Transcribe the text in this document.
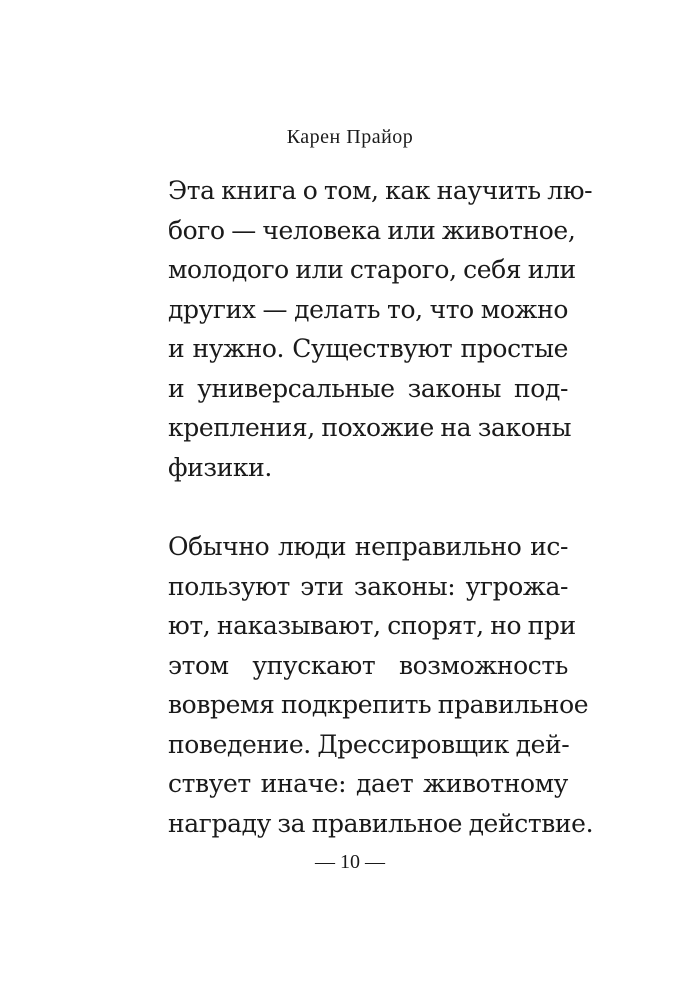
Карен Прайор

Эта книга о том, как научить лю-
бого — человека или животное,
молодого или старого, себя или
других — делать то, что можно
и нужно. Существуют простые
и универсальные законы под-
крепления, похожие на законы
физики.

Обычно люди неправильно ис-
пользуют эти законы: угрожа-
ют, наказывают, спорят, но при
этом упускают возможность
вовремя подкрепить правильное
поведение. Дрессировщик дей-
ствует иначе: дает животному
награду за правильное действие.

— 10 —
